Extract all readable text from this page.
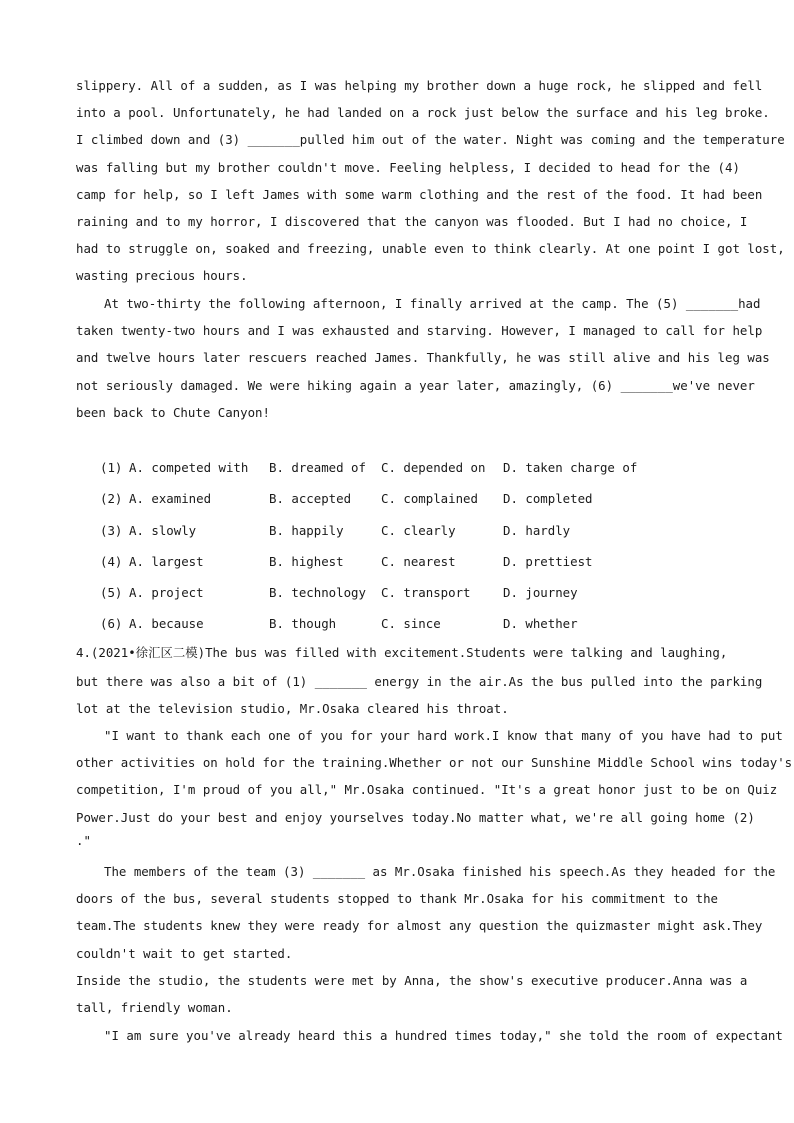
slippery. All of a sudden, as I was helping my brother down a huge rock, he slipped and fell
into a pool. Unfortunately, he had landed on a rock just below the surface and his leg broke.
I climbed down and (3) _______pulled him out of the water. Night was coming and the temperature
was falling but my brother couldn't move. Feeling helpless, I decided to head for the (4)
camp for help, so I left James with some warm clothing and the rest of the food. It had been
raining and to my horror, I discovered that the canyon was flooded. But I had no choice, I
had to struggle on, soaked and freezing, unable even to think clearly. At one point I got lost,
wasting precious hours.
At two-thirty the following afternoon, I finally arrived at the camp. The (5) _______had
taken twenty-two hours and I was exhausted and starving. However, I managed to call for help
and twelve hours later rescuers reached James. Thankfully, he was still alive and his leg was
not seriously damaged. We were hiking again a year later, amazingly, (6) _______we've never
been back to Chute Canyon!
(1) A. competed with B. dreamed of C. depended on D. taken charge of
(2) A. examined	B. accepted C. complained D. completed
(3) A. slowly	B. happily	C. clearly	D. hardly
(4) A. largest	B. highest	C. nearest	D. prettiest
(5) A. project	B. technology C. transport	D. journey
(6) A. because	B. though	C. since	D. whether
4.(2021•徐汇区二模)The bus was filled with excitement.Students were talking and laughing,
but there was also a bit of (1) _______ energy in the air.As the bus pulled into the parking
lot at the television studio, Mr.Osaka cleared his throat.
"I want to thank each one of you for your hard work.I know that many of you have had to put
other activities on hold for the training.Whether or not our Sunshine Middle School wins today's
competition, I'm proud of you all," Mr.Osaka continued. "It's a great honor just to be on Quiz
Power.Just do your best and enjoy yourselves today.No matter what, we're all going home (2)
."
The members of the team (3) _______ as Mr.Osaka finished his speech.As they headed for the
doors of the bus, several students stopped to thank Mr.Osaka for his commitment to the
team.The students knew they were ready for almost any question the quizmaster might ask.They
couldn't wait to get started.
Inside the studio, the students were met by Anna, the show's executive producer.Anna was a
tall, friendly woman.
"I am sure you've already heard this a hundred times today," she told the room of expectant
